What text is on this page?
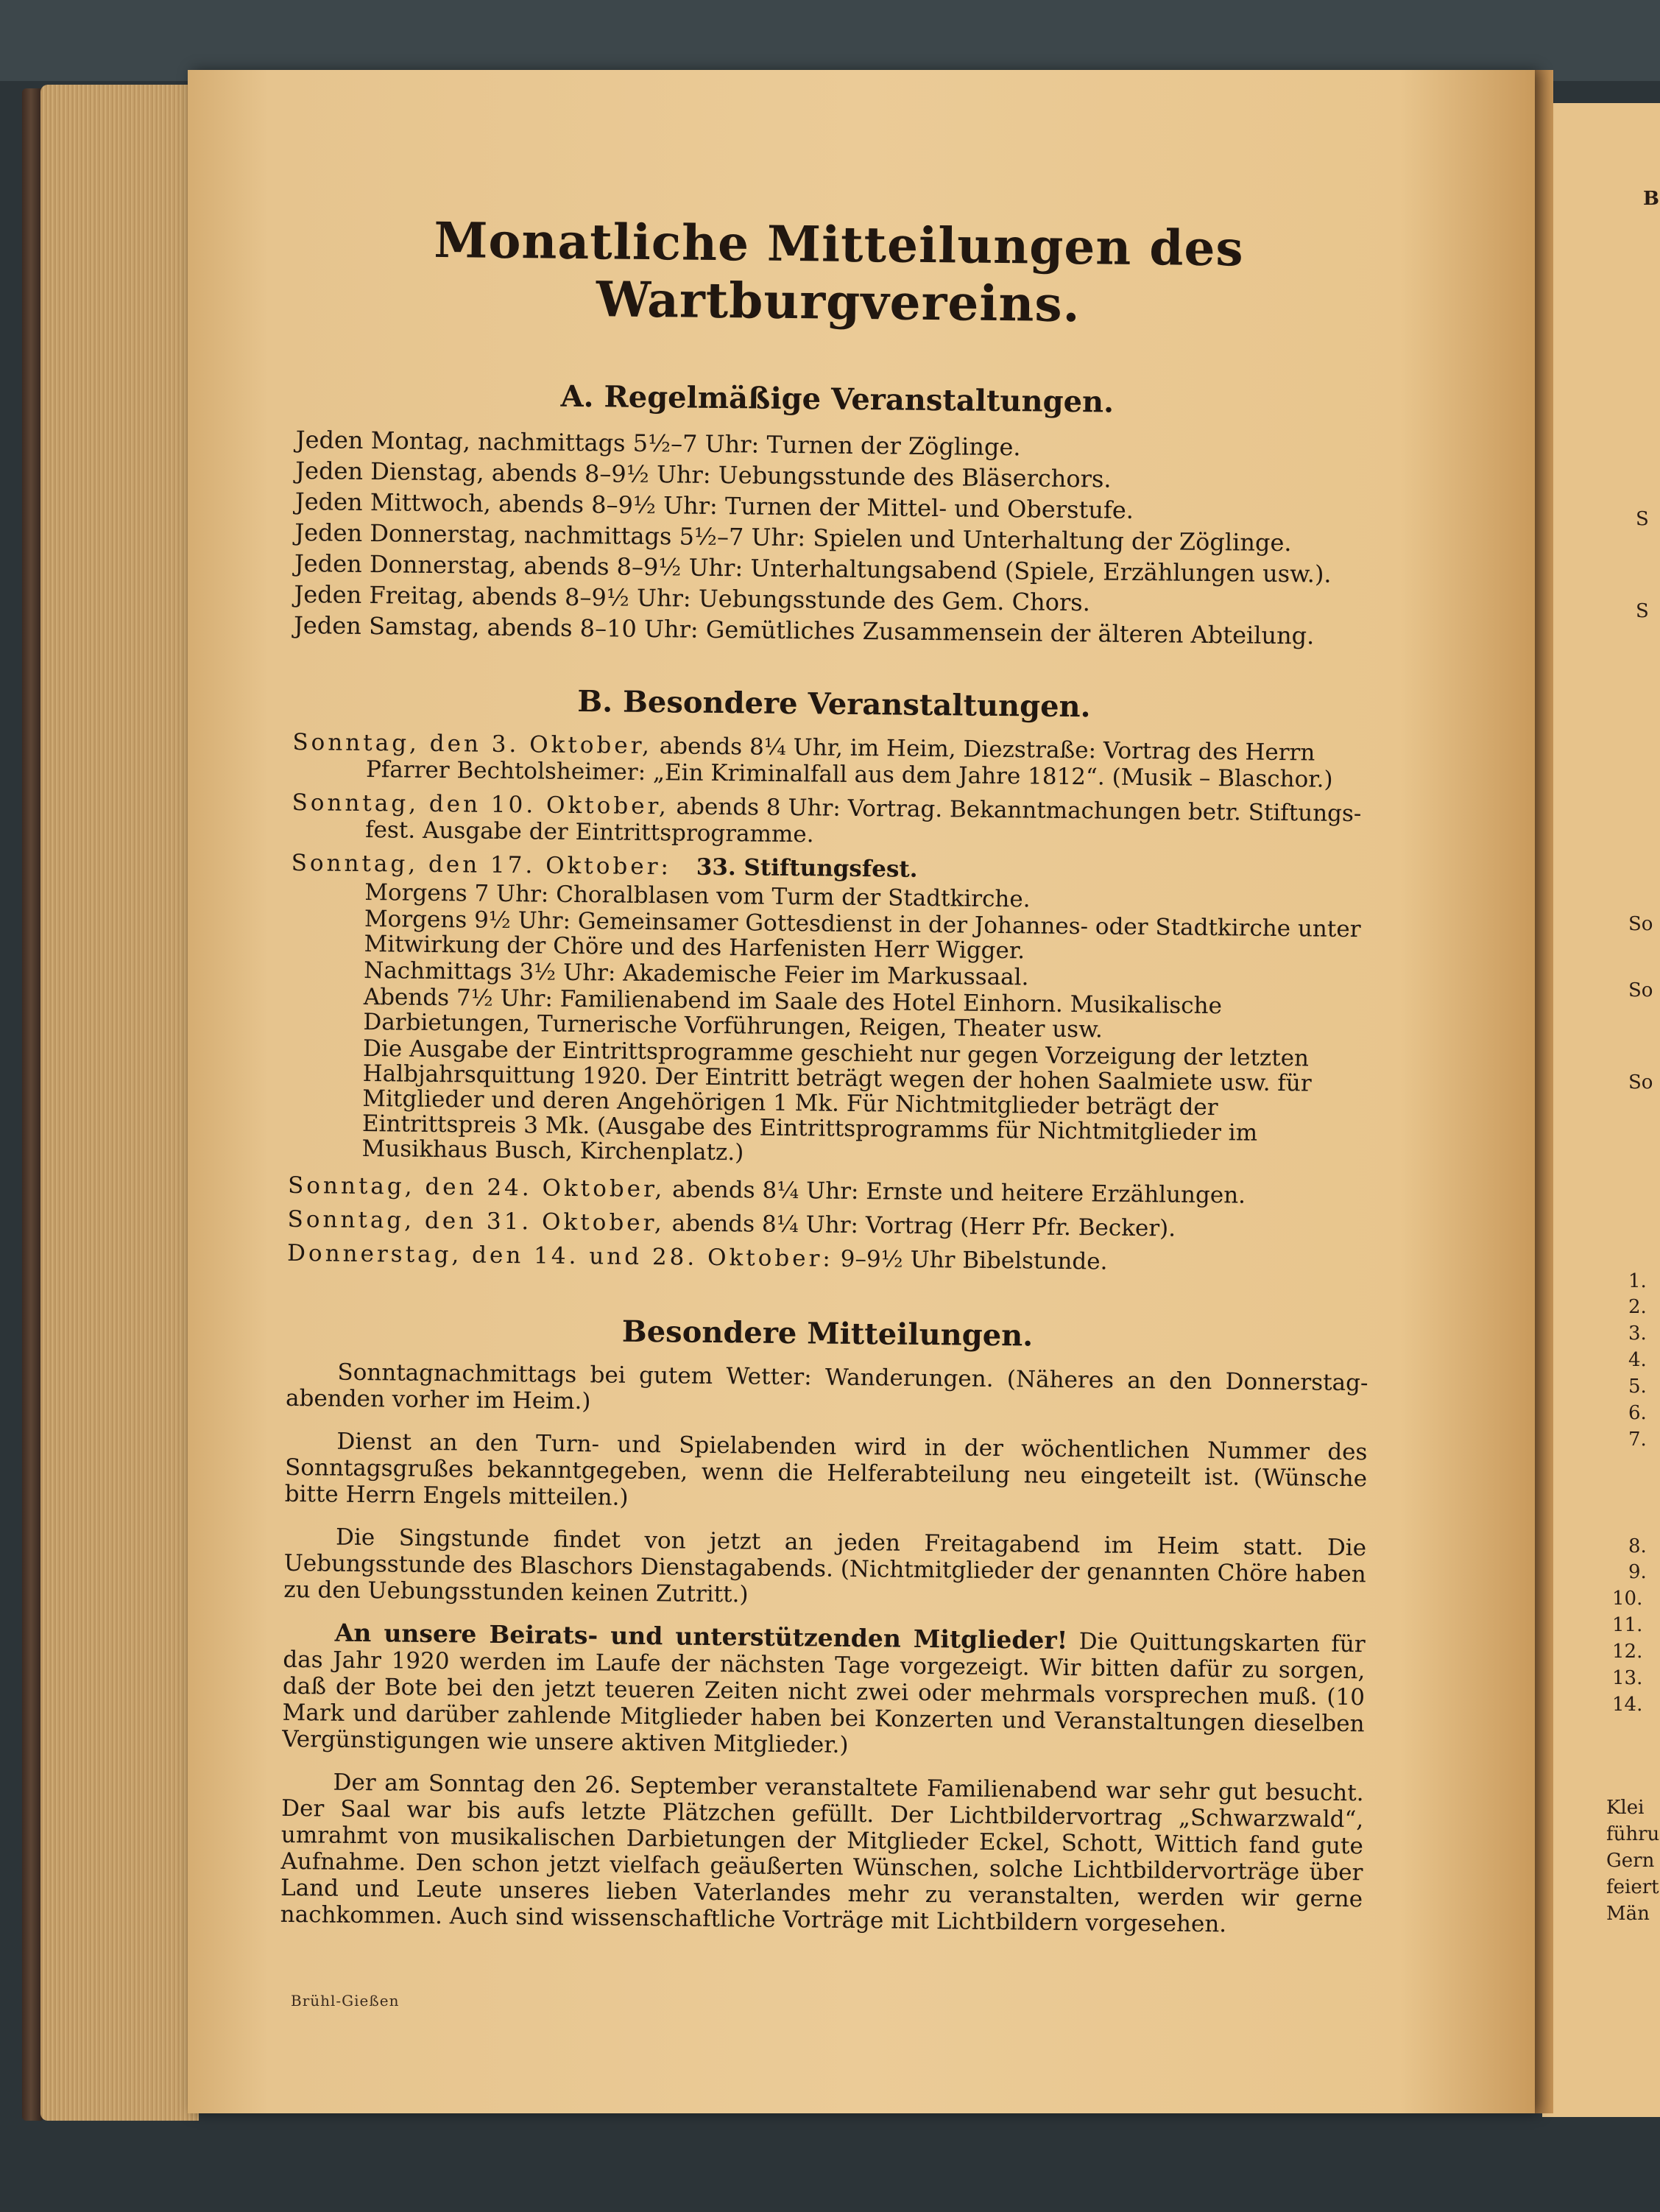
B
S
S
So
So
So
1.
2.
3.
4.
5.
6.
7.
8.
9.
10.
11.
12.
13.
14.
Klei
führu
Gern
feiert
Män
Monatliche Mitteilungen des Wartburgvereins.
A. Regelmäßige Veranstaltungen.

Jeden Montag, nachmittags 5½–7 Uhr: Turnen der Zöglinge.

Jeden Dienstag, abends 8–9½ Uhr: Uebungsstunde des Bläserchors.

Jeden Mittwoch, abends 8–9½ Uhr: Turnen der Mittel- und Oberstufe.

Jeden Donnerstag, nachmittags 5½–7 Uhr: Spielen und Unterhaltung der Zöglinge.

Jeden Donnerstag, abends 8–9½ Uhr: Unterhaltungsabend (Spiele, Erzählungen usw.).

Jeden Freitag, abends 8–9½ Uhr: Uebungsstunde des Gem. Chors.

Jeden Samstag, abends 8–10 Uhr: Gemütliches Zusammensein der älteren Abteilung.

B. Besondere Veranstaltungen.
Sonntag, den 3. Oktober, abends 8¼ Uhr, im Heim, Diezstraße: Vortrag des Herrn
Pfarrer Bechtolsheimer: „Ein Kriminalfall aus dem Jahre 1812“. (Musik – Blaschor.)
Sonntag, den 10. Oktober, abends 8 Uhr: Vortrag. Bekanntmachungen betr. Stiftungs-
fest. Ausgabe der Eintrittsprogramme.
Sonntag, den 17. Oktober: 33. Stiftungsfest.

Morgens 7 Uhr: Choralblasen vom Turm der Stadtkirche.

Morgens 9½ Uhr: Gemeinsamer Gottesdienst in der Johannes- oder Stadtkirche unter Mitwirkung der Chöre und des Harfenisten Herr Wigger.

Nachmittags 3½ Uhr: Akademische Feier im Markussaal.

Abends 7½ Uhr: Familienabend im Saale des Hotel Einhorn. Musikalische Darbietungen, Turnerische Vorführungen, Reigen, Theater usw.

Die Ausgabe der Eintrittsprogramme geschieht nur gegen Vorzeigung der letzten Halbjahrsquittung 1920. Der Eintritt beträgt wegen der hohen Saalmiete usw. für Mitglieder und deren Angehörigen 1 Mk. Für Nichtmitglieder beträgt der Eintrittspreis 3 Mk. (Ausgabe des Eintrittsprogramms für Nichtmitglieder im Musikhaus Busch, Kirchenplatz.)

Sonntag, den 24. Oktober, abends 8¼ Uhr: Ernste und heitere Erzählungen.
Sonntag, den 31. Oktober, abends 8¼ Uhr: Vortrag (Herr Pfr. Becker).
Donnerstag, den 14. und 28. Oktober: 9–9½ Uhr Bibelstunde.
Besondere Mitteilungen.

Sonntagnachmittags bei gutem Wetter: Wanderungen. (Näheres an den Donnerstag-abenden vorher im Heim.)

Dienst an den Turn- und Spielabenden wird in der wöchentlichen Nummer des Sonntagsgrußes bekanntgegeben, wenn die Helferabteilung neu eingeteilt ist. (Wünsche bitte Herrn Engels mitteilen.)

Die Singstunde findet von jetzt an jeden Freitagabend im Heim statt. Die Uebungsstunde des Blaschors Dienstagabends. (Nichtmitglieder der genannten Chöre haben zu den Uebungsstunden keinen Zutritt.)

An unsere Beirats- und unterstützenden Mitglieder! Die Quittungskarten für das Jahr 1920 werden im Laufe der nächsten Tage vorgezeigt. Wir bitten dafür zu sorgen, daß der Bote bei den jetzt teueren Zeiten nicht zwei oder mehrmals vorsprechen muß. (10 Mark und darüber zahlende Mitglieder haben bei Konzerten und Veranstaltungen dieselben Vergünstigungen wie unsere aktiven Mitglieder.)

Der am Sonntag den 26. September veranstaltete Familienabend war sehr gut besucht. Der Saal war bis aufs letzte Plätzchen gefüllt. Der Lichtbildervortrag „Schwarzwald“, umrahmt von musikalischen Darbietungen der Mitglieder Eckel, Schott, Wittich fand gute Aufnahme. Den schon jetzt vielfach geäußerten Wünschen, solche Lichtbildervorträge über Land und Leute unseres lieben Vaterlandes mehr zu veranstalten, werden wir gerne nachkommen. Auch sind wissenschaftliche Vorträge mit Lichtbildern vorgesehen.

Brühl-Gießen
